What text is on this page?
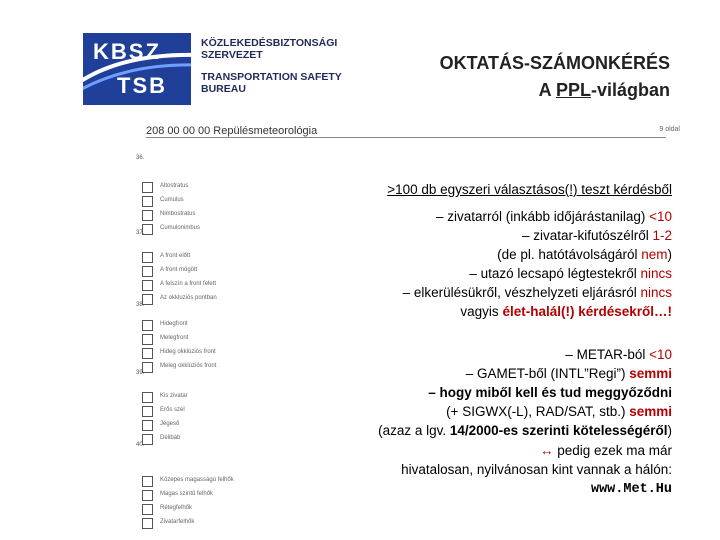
KBSZ
TSB
KÖZLEKEDÉSBIZTONSÁGI
SZERVEZET
TRANSPORTATION SAFETY
BUREAU
OKTATÁS-SZÁMONKÉRÉS
A PPL-világban
208 00 00 00 Repülésmeteorológia	9 oldal
36.
Altostratus
Cumulus
Nimbostratus
Cumulonimbus
37.
A front előtt
A front mögött
A felszín a front felett
Az okkluziós pontban
38.
Hidegfront
Melegfront
Hideg okklúziós front
Meleg okklúziós front
39.
Kis zivatar
Erős szél
Jégeső
Délibáb
40.
Közepes magasságú felhők
Magas szintű felhők
Rétegfelhők
Zivatarfelhők
>100 db egyszeri választásos(!) teszt kérdésből
– zivatarról (inkább időjárástanilag) <10
– zivatar-kifutószélről 1-2
(de pl. hatótávolságáról nem)
– utazó lecsapó légtestekről nincs
– elkerülésükről, vészhelyzeti eljárásról nincs
vagyis élet-halál(!) kérdésekről…!
– METAR-ból <10
– GAMET-ből (INTL”Regi”) semmi
– hogy miből kell és tud meggyőződni
(+ SIGWX(-L), RAD/SAT, stb.) semmi
(azaz a lgv. 14/2000-es szerinti kötelességéről)
↔ pedig ezek ma már
hivatalosan, nyilvánosan kint vannak a hálón:
www.Met.Hu
